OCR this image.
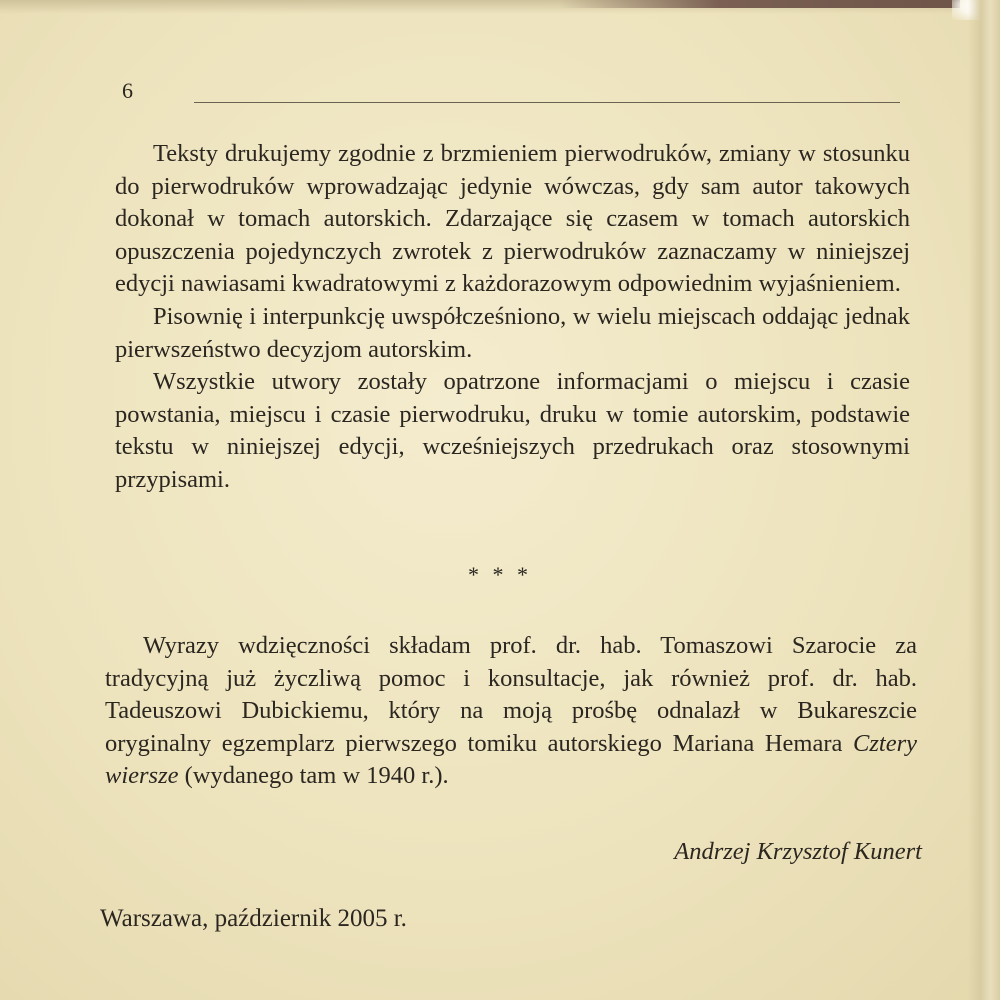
6

Teksty drukujemy zgodnie z brzmieniem pierwodruków, zmiany w stosunku do pierwodruków wprowadzając jedynie wówczas, gdy sam autor takowych dokonał w tomach autorskich. Zdarzające się czasem w tomach autorskich opuszczenia pojedynczych zwrotek z pierwodruków zaznaczamy w niniejszej edycji nawiasami kwadratowymi z każdorazowym odpowiednim wyjaśnieniem.

Pisownię i interpunkcję uwspółcześniono, w wielu miejscach oddając jednak pierwszeństwo decyzjom autorskim.

Wszystkie utwory zostały opatrzone informacjami o miejscu i czasie powstania, miejscu i czasie pierwodruku, druku w tomie autorskim, podstawie tekstu w niniejszej edycji, wcześniejszych przedrukach oraz stosownymi przypisami.

* * *

Wyrazy wdzięczności składam prof. dr. hab. Tomaszowi Szarocie za tradycyjną już życzliwą pomoc i konsultacje, jak również prof. dr. hab. Tadeuszowi Dubickiemu, który na moją prośbę odnalazł w Bukareszcie oryginalny egzemplarz pierwszego tomiku autorskiego Mariana Hemara Cztery wiersze (wydanego tam w 1940 r.).

Andrzej Krzysztof Kunert
Warszawa, październik 2005 r.
